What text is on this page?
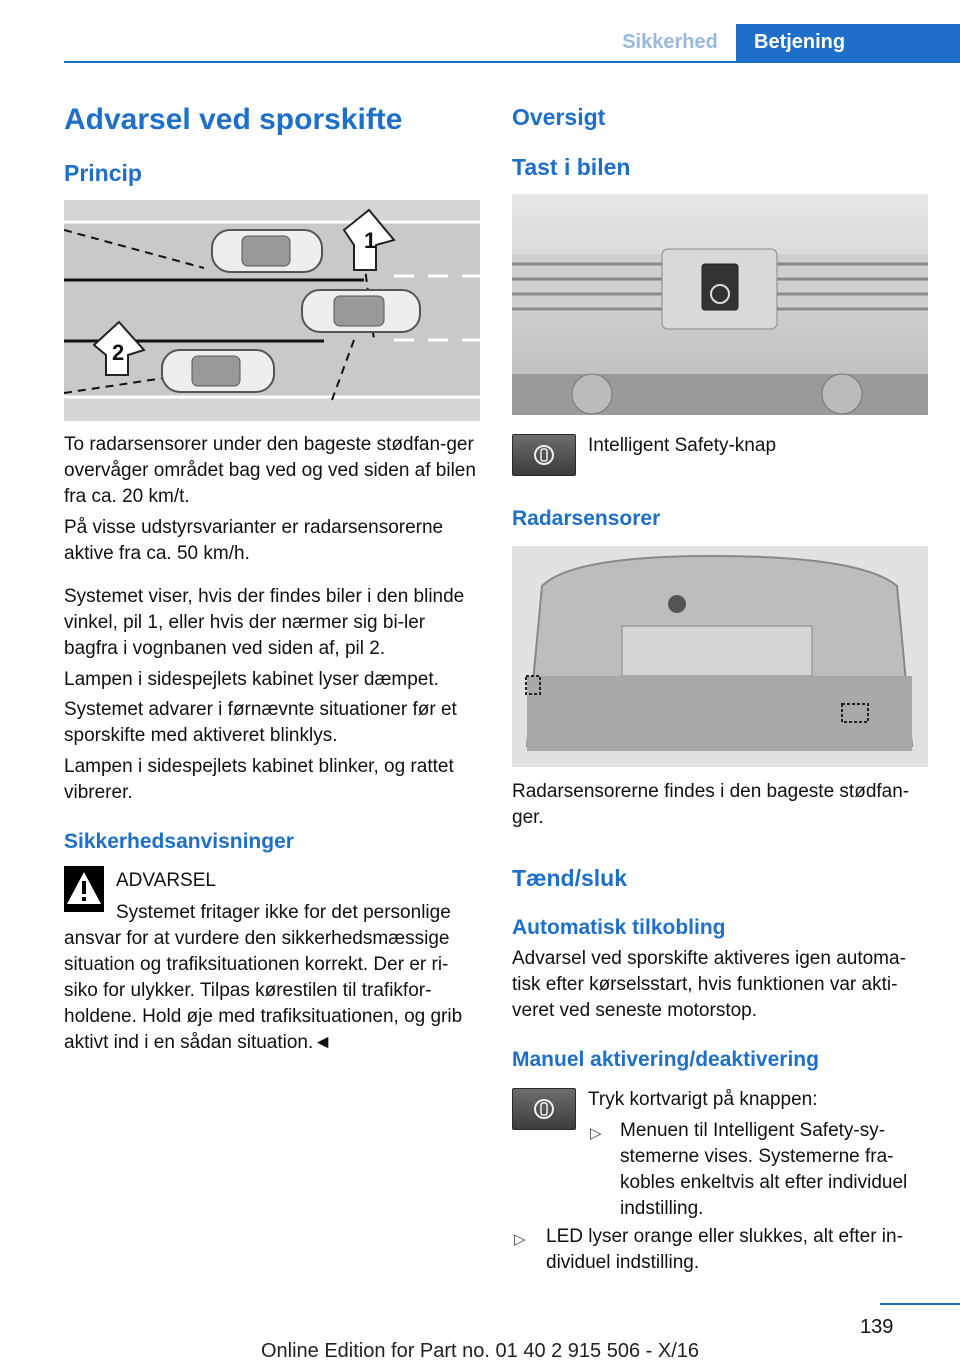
Sikkerhed	Betjening
Advarsel ved sporskifte
Princip
1
2

To radarsensorer under den bageste stødfan-ger overvåger området bag ved og ved siden af bilen fra ca. 20 km/t.

På visse udstyrsvarianter er radarsensorerne aktive fra ca. 50 km/h.

Systemet viser, hvis der findes biler i den blinde vinkel, pil 1, eller hvis der nærmer sig bi-ler bagfra i vognbanen ved siden af, pil 2.

Lampen i sidespejlets kabinet lyser dæmpet.

Systemet advarer i førnævnte situationer før et sporskifte med aktiveret blinklys.

Lampen i sidespejlets kabinet blinker, og rattet vibrerer.

Sikkerhedsanvisninger
ADVARSEL
Systemet fritager ikke for det personlige

ansvar for at vurdere den sikkerhedsmæssige situation og trafiksituationen korrekt. Der er ri-siko for ulykker. Tilpas kørestilen til trafikfor-holdene. Hold øje med trafiksituationen, og grib aktivt ind i en sådan situation.◄

Oversigt
Tast i bilen
Intelligent Safety-knap
Radarsensorer

Radarsensorerne findes i den bageste stødfan-ger.

Tænd/sluk
Automatisk tilkobling

Advarsel ved sporskifte aktiveres igen automa-tisk efter kørselsstart, hvis funktionen var akti-veret ved seneste motorstop.

Manuel aktivering/deaktivering
Tryk kortvarigt på knappen:
▷ Menuen til Intelligent Safety-sy-stemerne vises. Systemerne fra-kobles enkeltvis alt efter individuel indstilling.

▷ LED lyser orange eller slukkes, alt efter in-dividuel indstilling.

139
Online Edition for Part no. 01 40 2 915 506 - X/16
